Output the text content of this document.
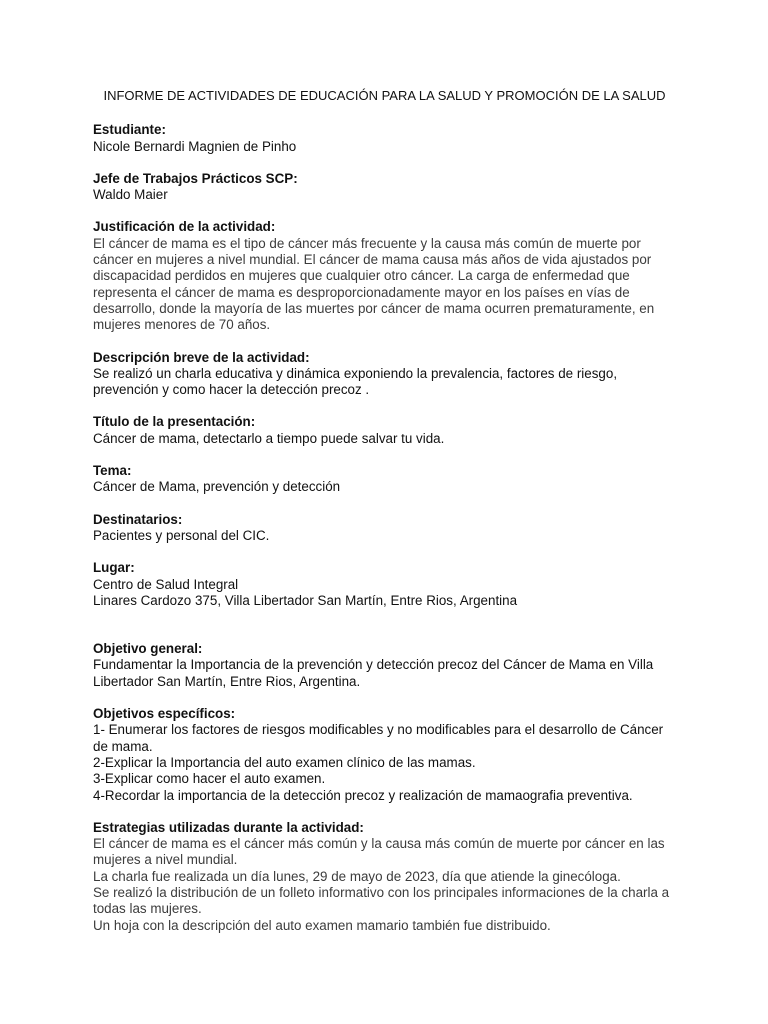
INFORME DE ACTIVIDADES DE EDUCACIÓN PARA LA SALUD Y PROMOCIÓN DE LA SALUD
Estudiante:
Nicole Bernardi Magnien de Pinho
Jefe de Trabajos Prácticos SCP:
Waldo Maier
Justificación de la actividad:
El cáncer de mama es el tipo de cáncer más frecuente y la causa más común de muerte por cáncer en mujeres a nivel mundial. El cáncer de mama causa más años de vida ajustados por discapacidad perdidos en mujeres que cualquier otro cáncer. La carga de enfermedad que representa el cáncer de mama es desproporcionadamente mayor en los países en vías de desarrollo, donde la mayoría de las muertes por cáncer de mama ocurren prematuramente, en mujeres menores de 70 años.
Descripción breve de la actividad:
Se realizó un charla educativa y dinámica exponiendo la prevalencia, factores de riesgo, prevención y como hacer la detección precoz .
Título de la presentación:
Cáncer de mama, detectarlo a tiempo puede salvar tu vida.
Tema:
Cáncer de Mama, prevención y detección
Destinatarios:
Pacientes y personal del CIC.
Lugar:
Centro de Salud Integral
Linares Cardozo 375, Villa Libertador San Martín, Entre Rios, Argentina
Objetivo general:
Fundamentar la Importancia de la prevención y detección precoz del Cáncer de Mama en Villa Libertador San Martín, Entre Rios, Argentina.
Objetivos específicos:
1- Enumerar los factores de riesgos modificables y no modificables para el desarrollo de Cáncer de mama.
2-Explicar la Importancia del auto examen clínico de las mamas.
3-Explicar como hacer el auto examen.
4-Recordar la importancia de la detección precoz y realización de mamaografia preventiva.
Estrategias utilizadas durante la actividad:
El cáncer de mama es el cáncer más común y la causa más común de muerte por cáncer en las mujeres a nivel mundial.
La charla fue realizada un día lunes, 29 de mayo de 2023, día que atiende la ginecóloga.
Se realizó la distribución de un folleto informativo con los principales informaciones de la charla a todas las mujeres.
Un hoja con la descripción del auto examen mamario también fue distribuido.
